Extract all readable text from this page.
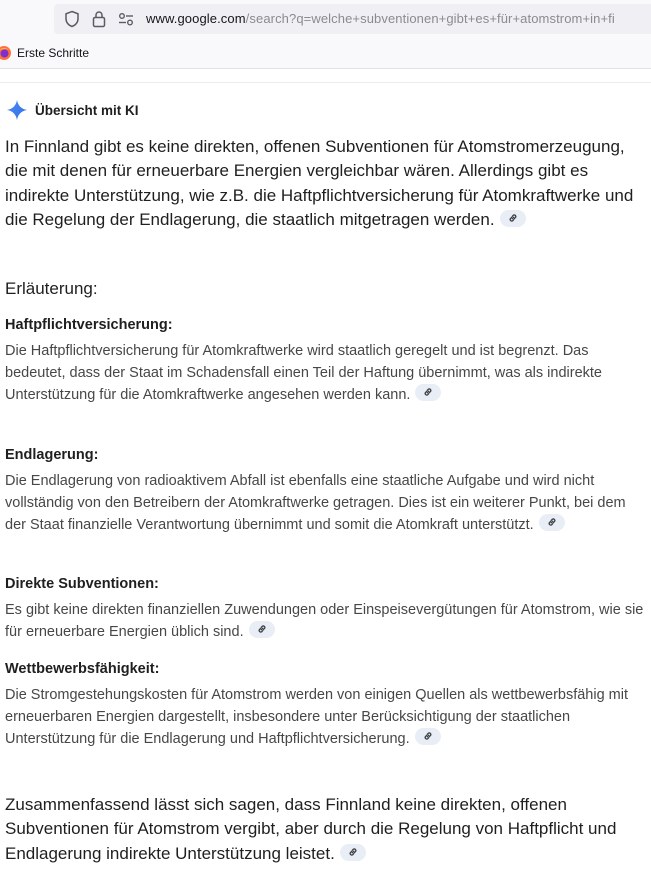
www.google.com/search?q=welche+subventionen+gibt+es+für+atomstrom+in+fi
Erste Schritte
Übersicht mit KI
In Finnland gibt es keine direkten, offenen Subventionen für Atomstromerzeugung, die mit denen für erneuerbare Energien vergleichbar wären. Allerdings gibt es indirekte Unterstützung, wie z.B. die Haftpflichtversicherung für Atomkraftwerke und die Regelung der Endlagerung, die staatlich mitgetragen werden.
Erläuterung:
Haftpflichtversicherung:
Die Haftpflichtversicherung für Atomkraftwerke wird staatlich geregelt und ist begrenzt. Das bedeutet, dass der Staat im Schadensfall einen Teil der Haftung übernimmt, was als indirekte Unterstützung für die Atomkraftwerke angesehen werden kann.
Endlagerung:
Die Endlagerung von radioaktivem Abfall ist ebenfalls eine staatliche Aufgabe und wird nicht vollständig von den Betreibern der Atomkraftwerke getragen. Dies ist ein weiterer Punkt, bei dem der Staat finanzielle Verantwortung übernimmt und somit die Atomkraft unterstützt.
Direkte Subventionen:
Es gibt keine direkten finanziellen Zuwendungen oder Einspeisevergütungen für Atomstrom, wie sie für erneuerbare Energien üblich sind.
Wettbewerbsfähigkeit:
Die Stromgestehungskosten für Atomstrom werden von einigen Quellen als wettbewerbsfähig mit erneuerbaren Energien dargestellt, insbesondere unter Berücksichtigung der staatlichen Unterstützung für die Endlagerung und Haftpflichtversicherung.
Zusammenfassend lässt sich sagen, dass Finnland keine direkten, offenen Subventionen für Atomstrom vergibt, aber durch die Regelung von Haftpflicht und Endlagerung indirekte Unterstützung leistet.
